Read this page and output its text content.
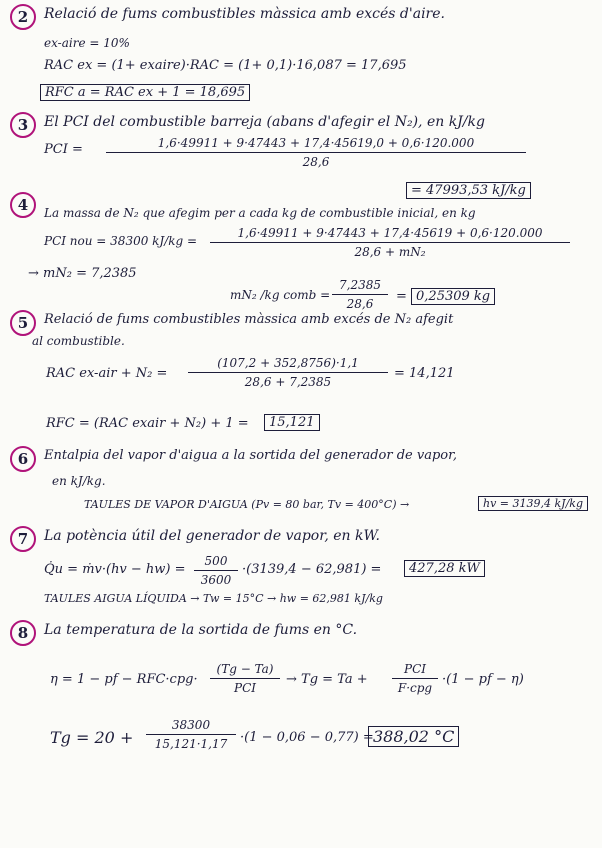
2	Relació de fums combustibles màssica amb excés d'aire.
ex-aire = 10%
RAC ex = (1+ exaire)·RAC = (1+ 0,1)·16,087 = 17,695
RFC a = RAC ex + 1 = 18,695
3	El PCI del combustible barreja (abans d'afegir el N₂), en kJ/kg
PCI = $\frac{1,6\cdot 49911 + 9\cdot 47443 + 17,4\cdot 45619,0 + 0,6\cdot 120.000}{28,6}$
= 47993,53 kJ/kg
4	La massa de N₂ que afegim per a cada kg de combustible inicial, en kg
PCI nou = 38300 $kJ/kg = \frac{1,6\cdot 49911 + 9\cdot 47443 + 17,4\cdot 45619 + 0,6\cdot 120.000}{\text{28,6 + mN₂}}$
→ mN₂ = 7,2385
mN₂ /kg comb = $\frac{7,2385}{28,6} = 0,25309$ kg
5	Relació de fums combustibles màssica amb excés de N₂ afegit
al combustible.
RAC $ex-air + N_2 = \frac{(107,2 + 352,8756)\cdot 1,1}{28,6 + 7,2385} = 14,121$
RFC = (RAC exair + N₂) + 1 =	15,121
6	Entalpia del vapor d'aigua a la sortida del generador de vapor,
en kJ/kg.
TAULES DE VAPOR D'AIGUA (Pv = 80 bar, Tv = 400°C) →	hv = 3139,4 kJ/kg
7	La potència útil del generador de vapor, en kW.
Q̇u = ṁv·(hv − $hw) = \frac{500}{3600} \cdot(3139,4 - 62,981)$ =	427,28 kW
TAULES AIGUA LÍQUIDA → Tw = 15°C → hw = 62,981 kJ/kg
8	La temperatura de la sortida de fums en °C.
η = 1 − pf − RFC·cpg·
(Tg − Ta)
PCI
→ Tg = Ta +
PCI
F·cpg
·(1 − pf − η)
$Tg = 20 + \frac{38300}{15,121\cdot 1,17} \cdot(1 - 0,06 - 0,77) = 388,02$ °C
